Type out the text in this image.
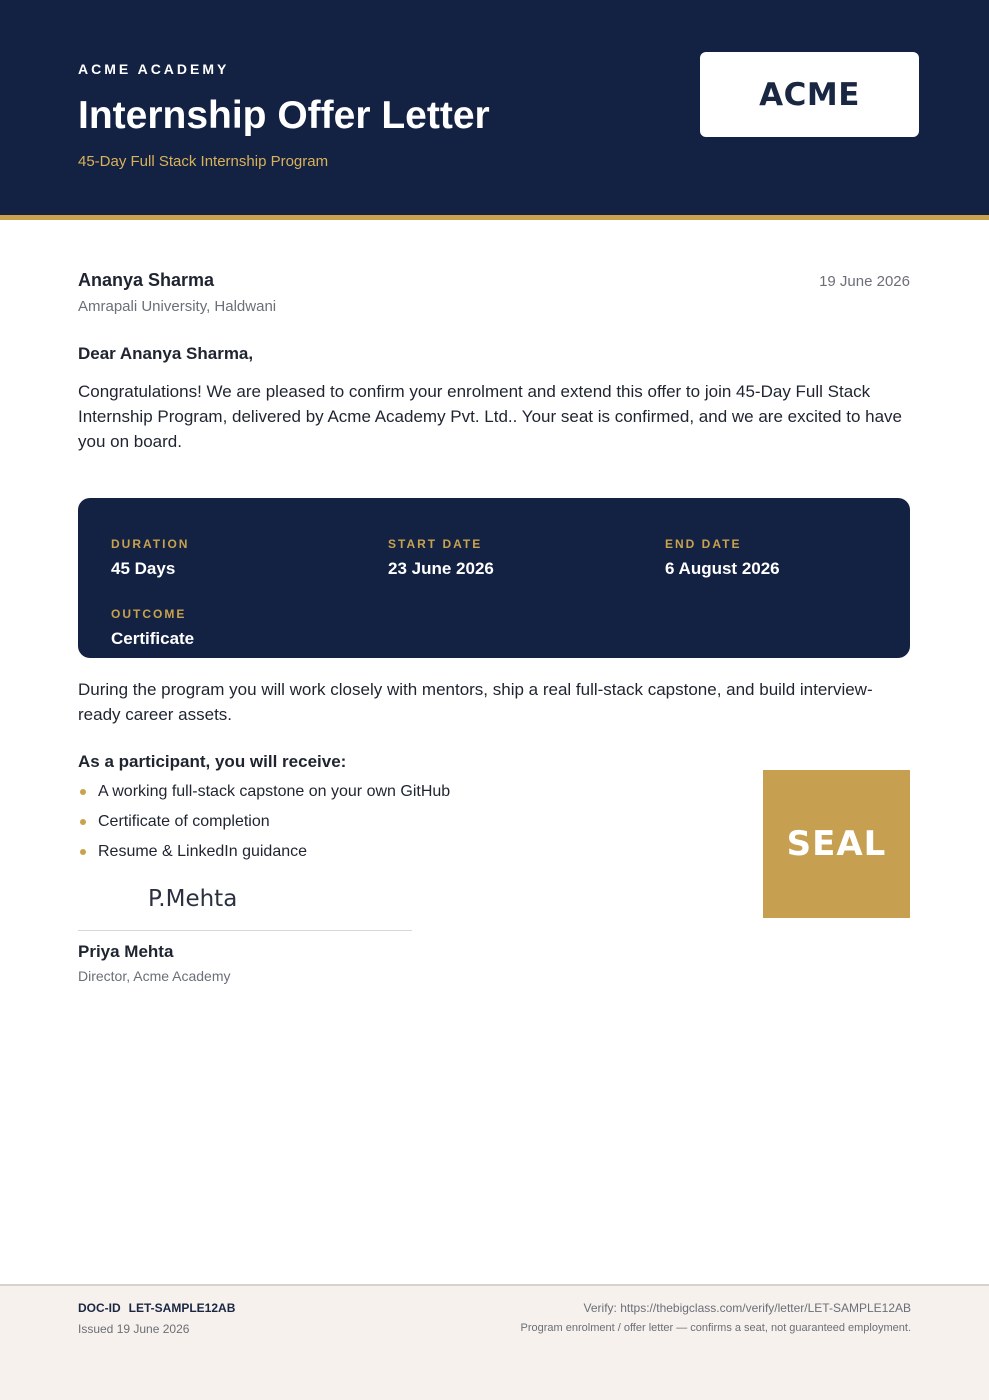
ACME ACADEMY
Internship Offer Letter
45-Day Full Stack Internship Program
ACME
Ananya Sharma
Amrapali University, Haldwani
19 June 2026
Dear Ananya Sharma,

Congratulations! We are pleased to confirm your enrolment and extend this offer to join 45-Day Full Stack Internship Program, delivered by Acme Academy Pvt. Ltd.. Your seat is confirmed, and we are excited to have you on board.

DURATION
45 Days
START DATE
23 June 2026
END DATE
6 August 2026
OUTCOME
Certificate

During the program you will work closely with mentors, ship a real full-stack capstone, and build interview-ready career assets.

As a participant, you will receive:
A working full-stack capstone on your own GitHub
Certificate of completion
Resume & LinkedIn guidance
P.Mehta
Priya Mehta
Director, Acme Academy
SEAL
DOC-ID LET-SAMPLE12AB
Issued 19 June 2026
Verify: https://thebigclass.com/verify/letter/LET-SAMPLE12AB
Program enrolment / offer letter — confirms a seat, not guaranteed employment.
